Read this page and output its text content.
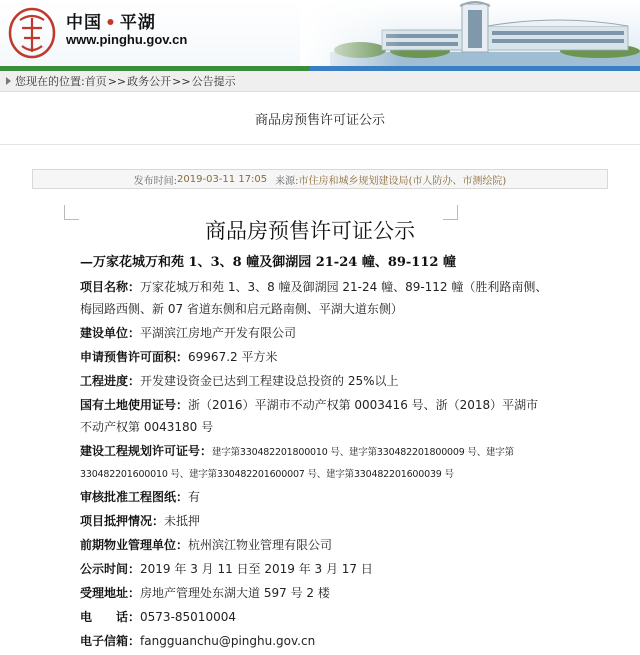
中国 • 平湖
www.pinghu.gov.cn
您现在的位置: 首页 >> 政务公开 >> 公告提示
商品房预售许可证公示
发布时间: 2019-03-11 17:05 来源: 市住房和城乡规划建设局(市人防办、市测绘院)
商品房预售许可证公示
—万家花城万和苑 1、3、8 幢及御湖园 21-24 幢、89-112 幢
项目名称：万家花城万和苑 1、3、8 幢及御湖园 21-24 幢、89-112 幢（胜利路南侧、梅园路西侧、新 07 省道东侧和启元路南侧、平湖大道东侧）
建设单位：平湖滨江房地产开发有限公司
申请预售许可面积：69967.2 平方米
工程进度：开发建设资金已达到工程建设总投资的 25%以上
国有土地使用证号：浙（2016）平湖市不动产权第 0003416 号、浙（2018）平湖市不动产权第 0043180 号
建设工程规划许可证号：建字第330482201800010 号、建字第330482201800009 号、建字第330482201600010 号、建字第330482201600007 号、建字第330482201600039 号
审核批准工程图纸：有
项目抵押情况：未抵押
前期物业管理单位：杭州滨江物业管理有限公司
公示时间：2019 年 3 月 11 日至 2019 年 3 月 17 日
受理地址：房地产管理处东湖大道 597 号 2 楼
电　　话：0573-85010004
电子信箱：fangguanchu@pinghu.gov.cn
